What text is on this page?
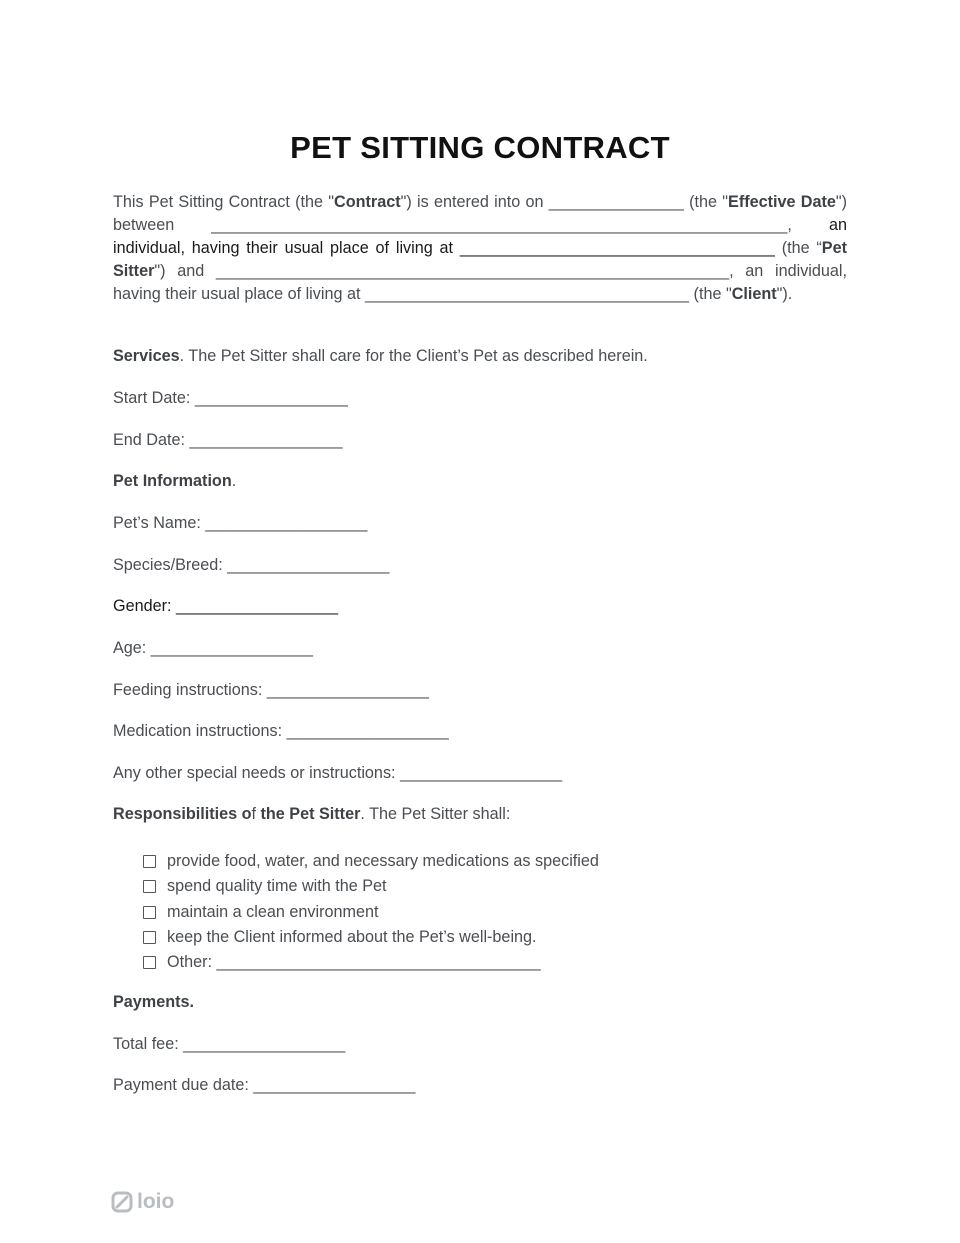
PET SITTING CONTRACT
This Pet Sitting Contract (the "Contract") is entered into on _______________ (the "Effective Date") between ________________________________________________________________, an individual, having their usual place of living at ___________________________________ (the “Pet Sitter") and _________________________________________________________, an individual, having their usual place of living at ____________________________________ (the "Client").
Services. The Pet Sitter shall care for the Client’s Pet as described herein.
Start Date: _________________
End Date: _________________
Pet Information.
Pet’s Name: __________________
Species/Breed: __________________
Gender: __________________
Age: __________________
Feeding instructions: __________________
Medication instructions: __________________
Any other special needs or instructions: __________________
Responsibilities of the Pet Sitter. The Pet Sitter shall:
provide food, water, and necessary medications as specified
spend quality time with the Pet
maintain a clean environment
keep the Client informed about the Pet’s well-being.
Other: ____________________________________
Payments.
Total fee: __________________
Payment due date: __________________
loio
